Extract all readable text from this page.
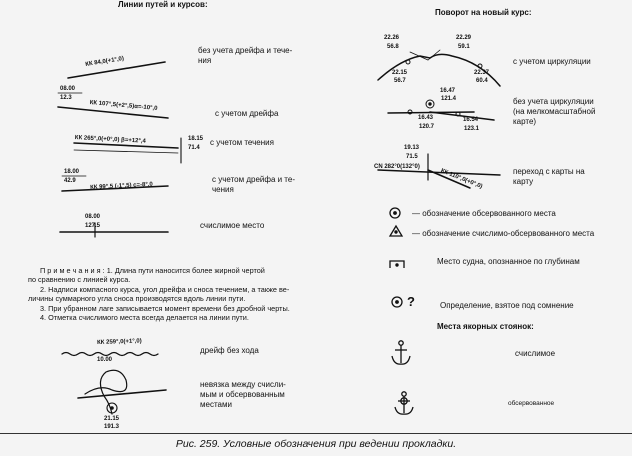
Линии путей и курсов:
Поворот на новый курс:
КК 84,0(+1°,0)
без учета дрейфа и тече-
ния
08.00
12.3
КК 107°,5(+2°,5)α=-10°,0
с учетом дрейфа
КК 265°,0(+0°,0) β=+12°,4	18.15
71.4
с учетом течения
18.00
42.9
КК 99°,5 (-1°,5) c=-8°,0
с учетом дрейфа и те-
чения
08.00
127.5	счислимое место
22.26
56.8
22.29
59.1
22.15
56.7
22.37
60.4
с учетом циркуляции
16.47
121.4
16.43
120.7
16.54
123.1
без учета циркуляции
(на мелкомасштабной
карте)
19.13
71.5
CN 282°0(132°0)
КК 110°,0(+0°,0)	переход с карты на
карту
— обозначение обсервованного места
— обозначение счислимо-обсервованного места
Место судна, опознанное по глубинам
?	Определение, взятое под сомнение
Места якорных стоянок:
счислимое
обсервованное
П р и м е ч а н и я : 1. Длина пути наносится более жирной чертой
по сравнению с линией курса.
2. Надписи компасного курса, угол дрейфа и сноса течением, а также ве-
личины суммарного угла сноса производятся вдоль линии пути.
3. При убранном лаге записывается момент времени без дробной черты.
4. Отметка счислимого места всегда делается на линии пути.
КК 259°,0(+1°,0)
10.00
дрейф без хода
21.15
191.3
невязка между счисли-
мым и обсервованным
местами
Рис. 259. Условные обозначения при ведении прокладки.
